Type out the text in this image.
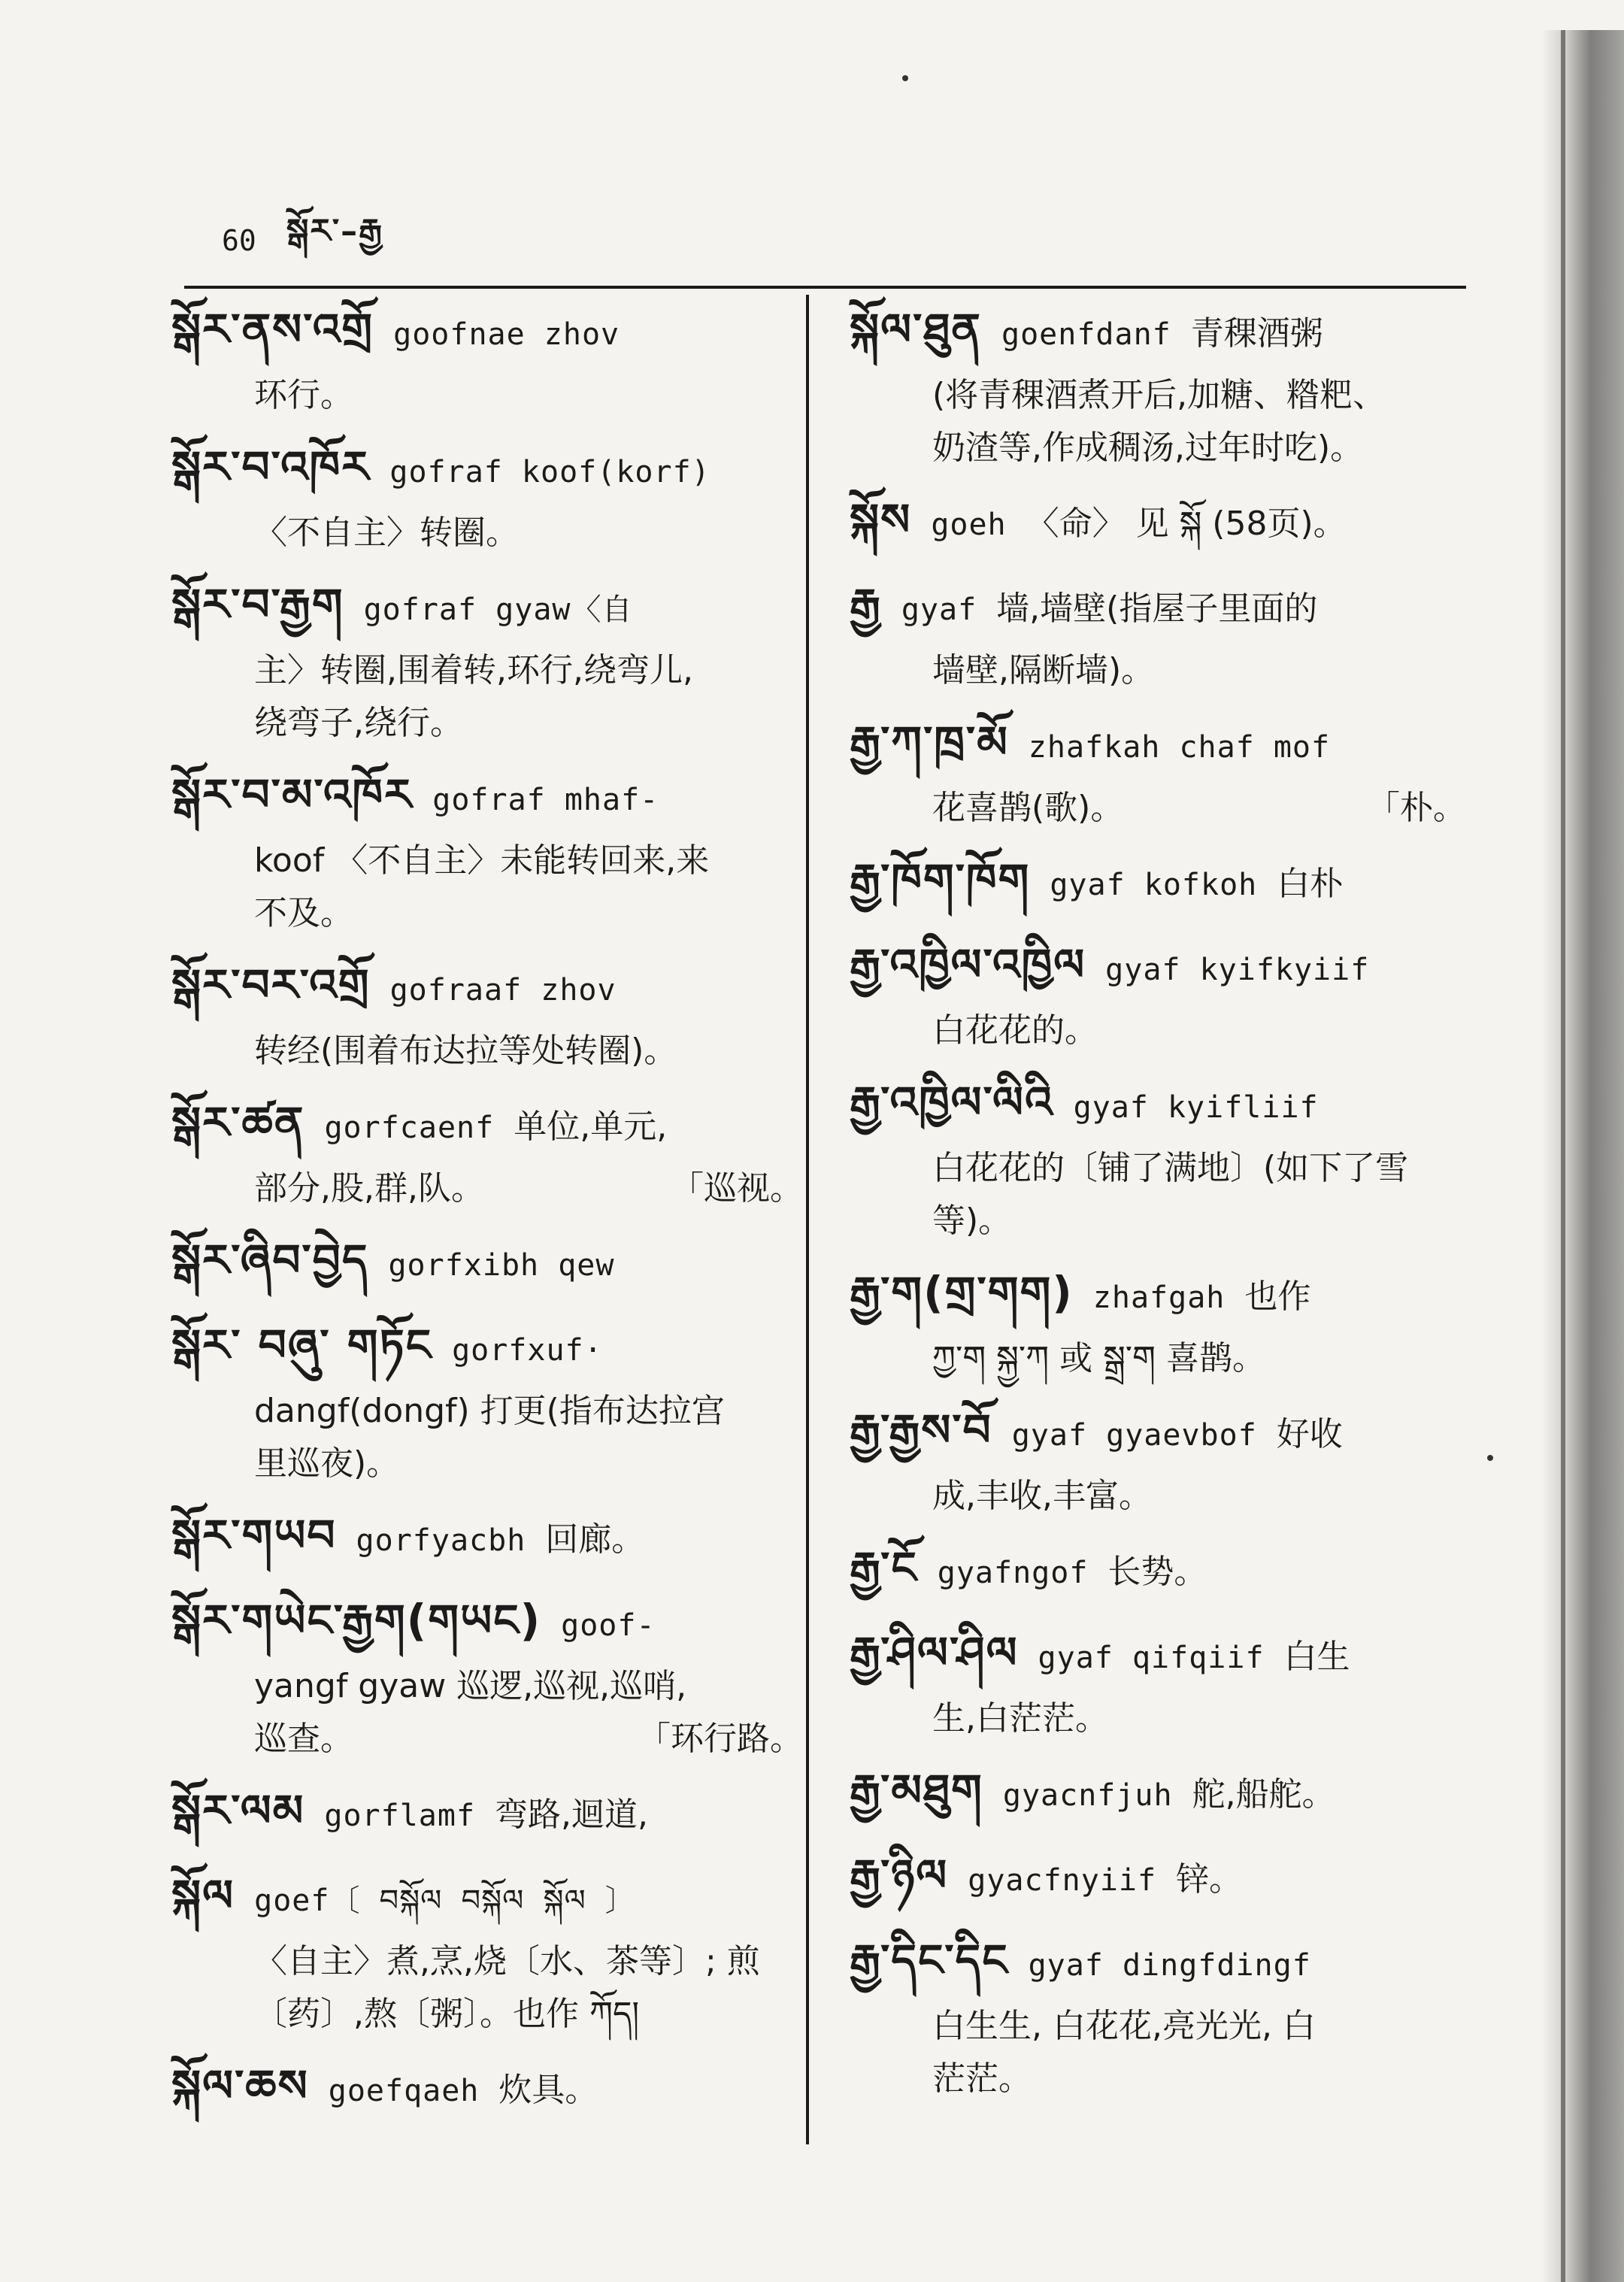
60 སྒོར་–རྒྱ
སྒོར་ནས་འགྲོ goofnae zhov
环行。
སྒོར་བ་འཁོར gofraf koof(korf)
〈不自主〉转圈。
སྒོར་བ་རྒྱག gofraf gyaw〈自
主〉转圈,围着转,环行,绕弯儿,
绕弯子,绕行。
སྒོར་བ་མ་འཁོར gofraf mhaf-
koof 〈不自主〉未能转回来,来
不及。
སྒོར་བར་འགྲོ gofraaf zhov
转经(围着布达拉等处转圈)。
སྒོར་ཚན gorfcaenf 单位,单元,
部分,股,群,队。	「巡视。
སྒོར་ཞིབ་བྱེད gorfxibh qew
སྒོར་ བཞུ་ གཏོང gorfxuf·
dangf(dongf) 打更(指布达拉宫
里巡夜)。
སྒོར་གཡབ gorfyacbh 回廊。
སྒོར་གཡེང་རྒྱག(གཡང) goof-
yangf gyaw 巡逻,巡视,巡哨,
巡查。	「环行路。
སྒོར་ལམ gorflamf 弯路,迴道,
སྐོལ goef〔 བསྐོལ བསྐོལ སྐོལ 〕
〈自主〉煮,烹,烧〔水、茶等〕; 煎
〔药〕,熬〔粥〕。也作 ཀོད།
སྐོལ་ཆས goefqaeh 炊具。
སྐོལ་ཐུན goenfdanf 青稞酒粥
(将青稞酒煮开后,加糖、糌粑、
奶渣等,作成稠汤,过年时吃)。
སྐོས goeh 〈命〉 见 སྐོ (58页)。
རྒྱ gyaf 墙,墙壁(指屋子里面的
墙壁,隔断墙)。
རྒྱ་ཀ་ཁྲ་མོ zhafkah chaf mof
花喜鹊(歌)。	「朴。
རྒྱ་ཁོག་ཁོག gyaf kofkoh 白朴
རྒྱ་འཁྱིལ་འཁྱིལ gyaf kyifkyiif
白花花的。
རྒྱ་འཁྱིལ་ལིའི gyaf kyifliif
白花花的〔铺了满地〕(如下了雪
等)。
རྒྱ་ག(གྲ་གག) zhafgah 也作
ཀྱ་ག སྐྱ་ཀ 或 སྒྲ་ག 喜鹊。
རྒྱ་རྒྱས་བོ gyaf gyaevbof 好收
成,丰收,丰富。
རྒྱ་ངོ gyafngof 长势。
རྒྱ་ཤིལ་ཤིལ gyaf qifqiif 白生
生,白茫茫。
རྒྱ་མཐུག gyacnfjuh 舵,船舵。
རྒྱ་ཉིལ gyacfnyiif 锌。
རྒྱ་དིང་དིང gyaf dingfdingf
白生生, 白花花,亮光光, 白
茫茫。
